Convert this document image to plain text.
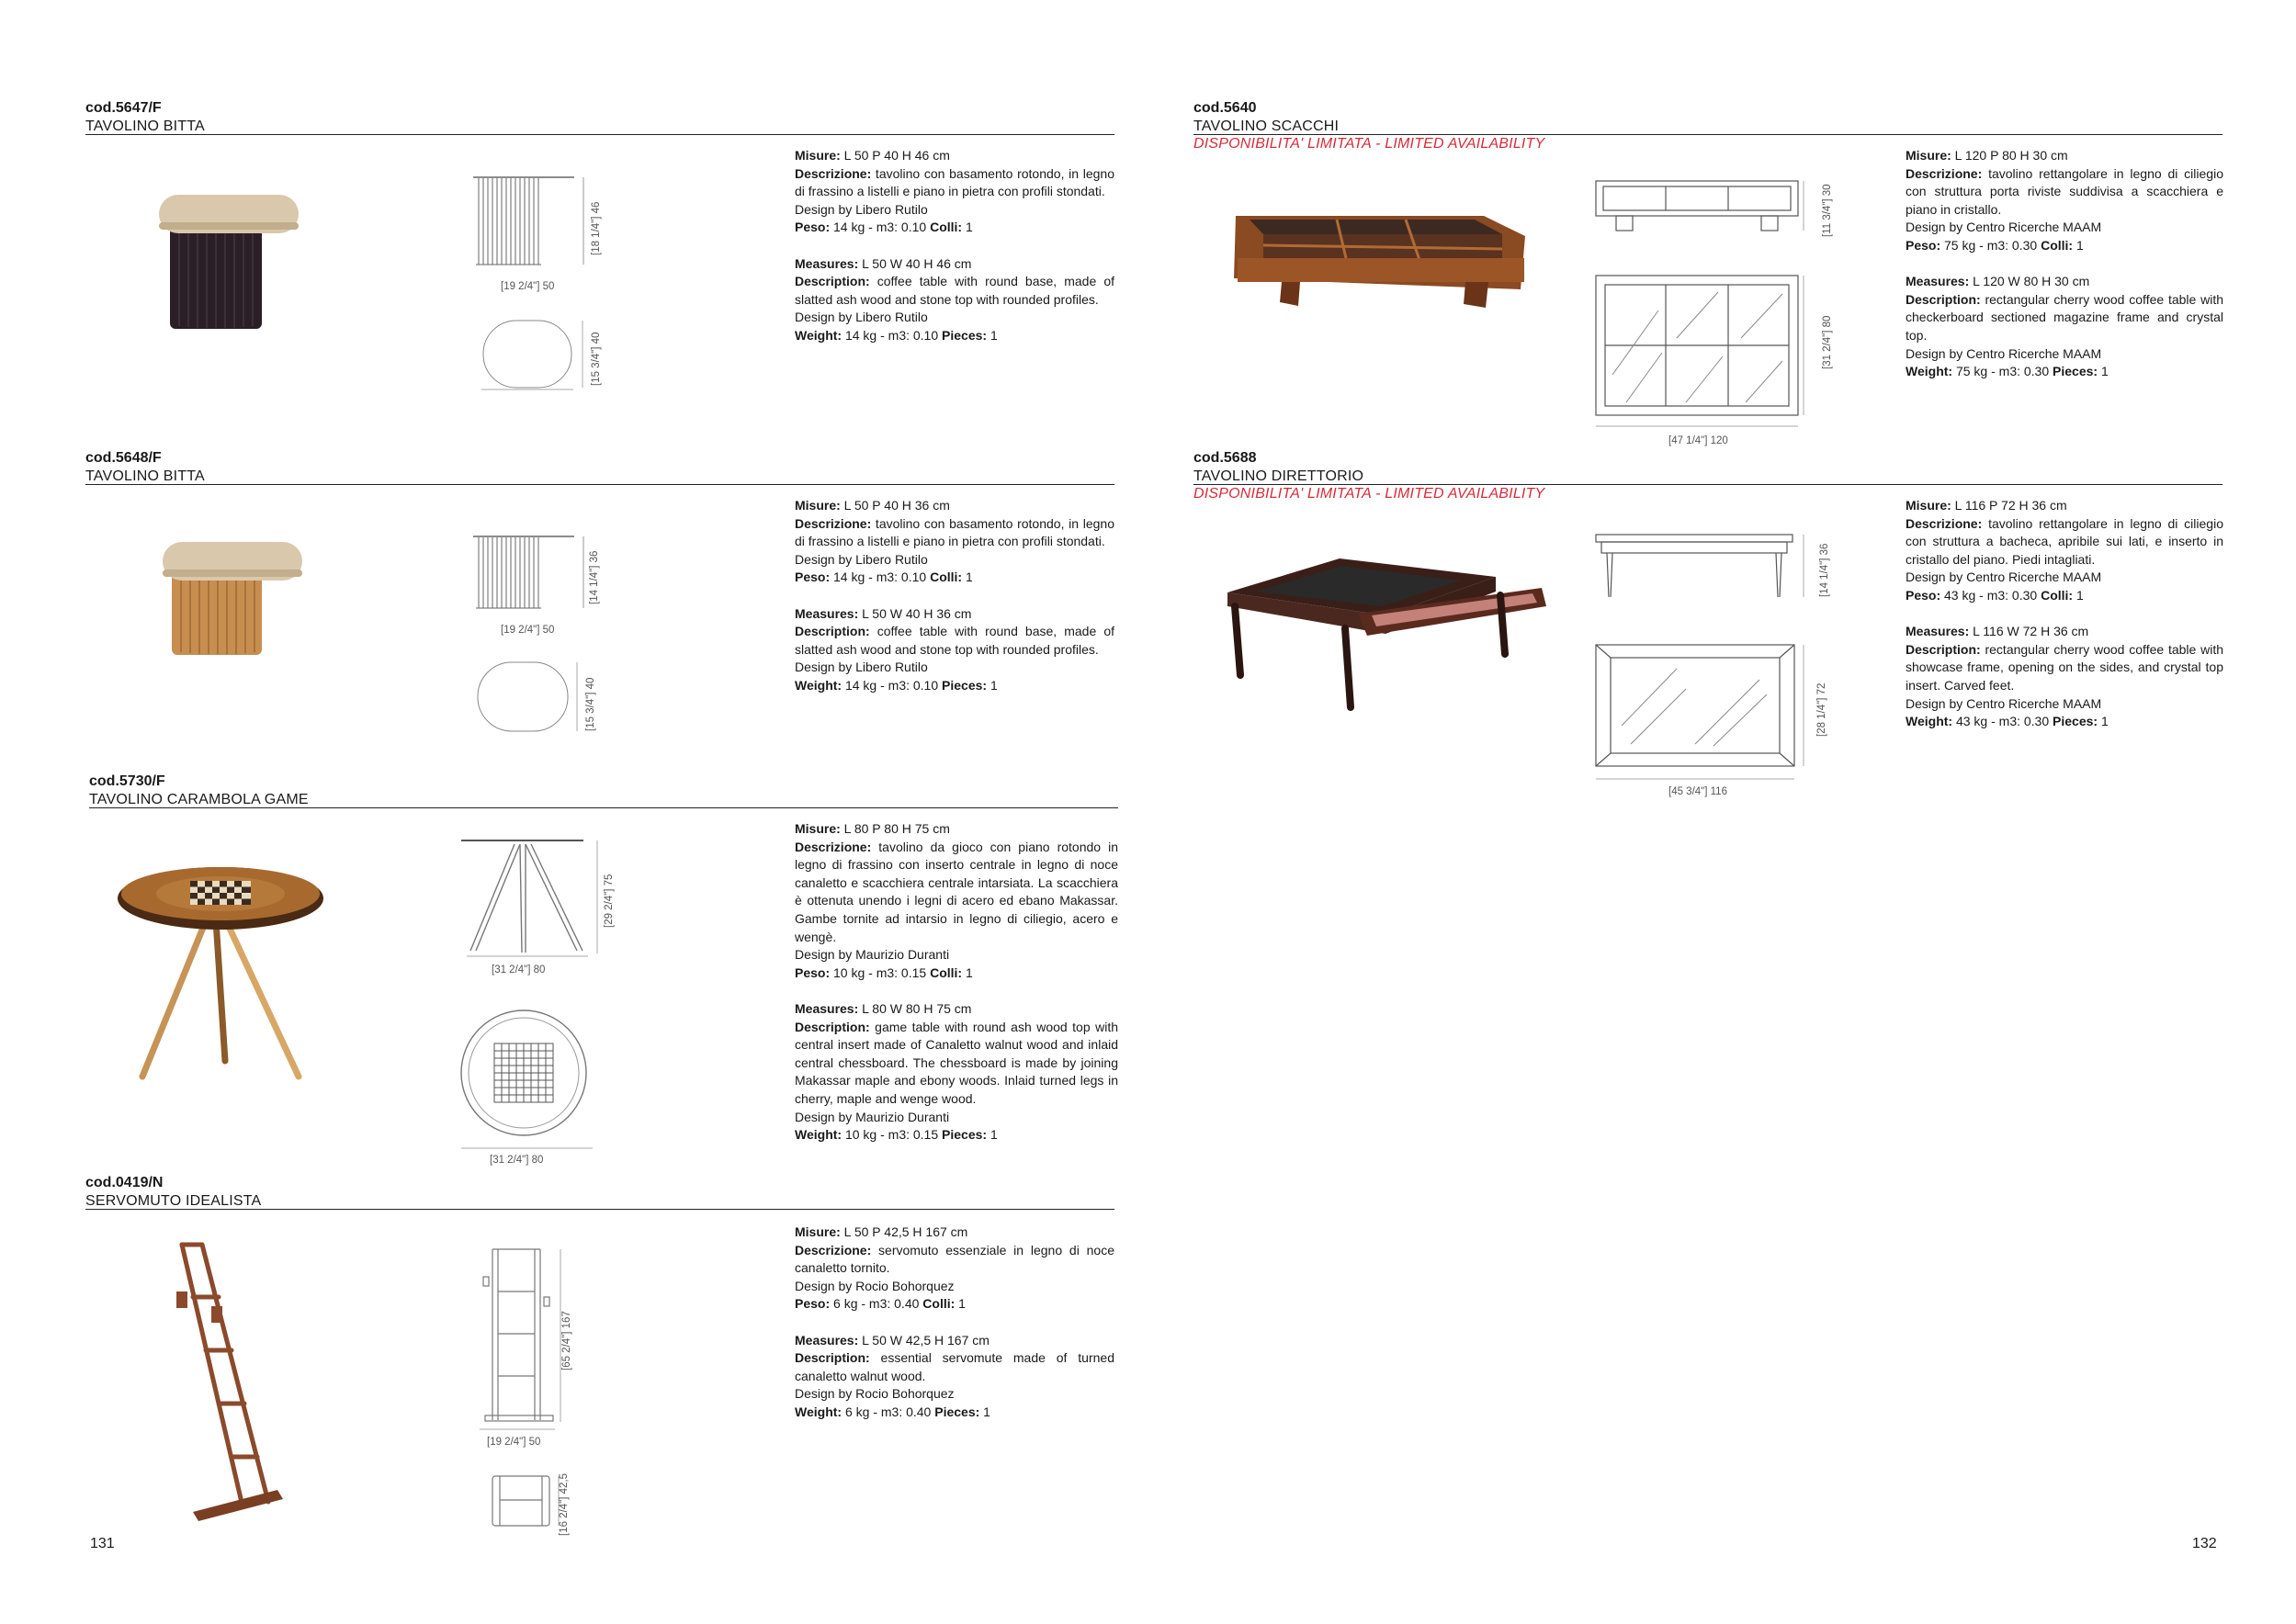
cod.5647/F
TAVOLINO BITTA
[19 2/4"] 50
[18 1/4"] 46
[15 3/4"] 40

Misure: L 50 P 40 H 46 cm

Descrizione: tavolino con basamento rotondo, in legno di frassino a listelli e piano in pietra con profili stondati.

Design by Libero Rutilo

Peso: 14 kg - m3: 0.10 Colli: 1

Measures: L 50 W 40 H 46 cm

Description: coffee table with round base, made of slatted ash wood and stone top with rounded profiles.

Design by Libero Rutilo

Weight: 14 kg - m3: 0.10 Pieces: 1

cod.5648/F
TAVOLINO BITTA
[19 2/4"] 50
[14 1/4"] 36
[15 3/4"] 40

Misure: L 50 P 40 H 36 cm

Descrizione: tavolino con basamento rotondo, in legno di frassino a listelli e piano in pietra con profili stondati.

Design by Libero Rutilo

Peso: 14 kg - m3: 0.10 Colli: 1

Measures: L 50 W 40 H 36 cm

Description: coffee table with round base, made of slatted ash wood and stone top with rounded profiles.

Design by Libero Rutilo

Weight: 14 kg - m3: 0.10 Pieces: 1

cod.5730/F
TAVOLINO CARAMBOLA GAME
[31 2/4"] 80
[29 2/4"] 75
[31 2/4"] 80

Misure: L 80 P 80 H 75 cm

Descrizione: tavolino da gioco con piano rotondo in legno di frassino con inserto centrale in legno di noce canaletto e scacchiera centrale intarsiata. La scacchiera è ottenuta unendo i legni di acero ed ebano Makassar. Gambe tornite ad intarsio in legno di ciliegio, acero e wengè.

Design by Maurizio Duranti

Peso: 10 kg - m3: 0.15 Colli: 1

Measures: L 80 W 80 H 75 cm

Description: game table with round ash wood top with central insert made of Canaletto walnut wood and inlaid central chessboard. The chessboard is made by joining Makassar maple and ebony woods. Inlaid turned legs in cherry, maple and wenge wood.

Design by Maurizio Duranti

Weight: 10 kg - m3: 0.15 Pieces: 1

cod.0419/N
SERVOMUTO IDEALISTA
[19 2/4"] 50
[65 2/4"] 167
[16 2/4"] 42,5

Misure: L 50 P 42,5 H 167 cm

Descrizione: servomuto essenziale in legno di noce canaletto tornito.

Design by Rocio Bohorquez

Peso: 6 kg - m3: 0.40 Colli: 1

Measures: L 50 W 42,5 H 167 cm

Description: essential servomute made of turned canaletto walnut wood.

Design by Rocio Bohorquez

Weight: 6 kg - m3: 0.40 Pieces: 1

cod.5640
TAVOLINO SCACCHI
DISPONIBILITA' LIMITATA - LIMITED AVAILABILITY
[11 3/4"] 30
[47 1/4"] 120
[31 2/4"] 80

Misure: L 120 P 80 H 30 cm

Descrizione: tavolino rettangolare in legno di ciliegio con struttura porta riviste suddivisa a scacchiera e piano in cristallo.

Design by Centro Ricerche MAAM

Peso: 75 kg - m3: 0.30 Colli: 1

Measures: L 120 W 80 H 30 cm

Description: rectangular cherry wood coffee table with checkerboard sectioned magazine frame and crystal top.

Design by Centro Ricerche MAAM

Weight: 75 kg - m3: 0.30 Pieces: 1

cod.5688
TAVOLINO DIRETTORIO
DISPONIBILITA' LIMITATA - LIMITED AVAILABILITY
[14 1/4"] 36
[45 3/4"] 116
[28 1/4"] 72

Misure: L 116 P 72 H 36 cm

Descrizione: tavolino rettangolare in legno di ciliegio con struttura a bacheca, apribile sui lati, e inserto in cristallo del piano. Piedi intagliati.

Design by Centro Ricerche MAAM

Peso: 43 kg - m3: 0.30 Colli: 1

Measures: L 116 W 72 H 36 cm

Description: rectangular cherry wood coffee table with showcase frame, opening on the sides, and crystal top insert. Carved feet.

Design by Centro Ricerche MAAM

Weight: 43 kg - m3: 0.30 Pieces: 1

131	132
